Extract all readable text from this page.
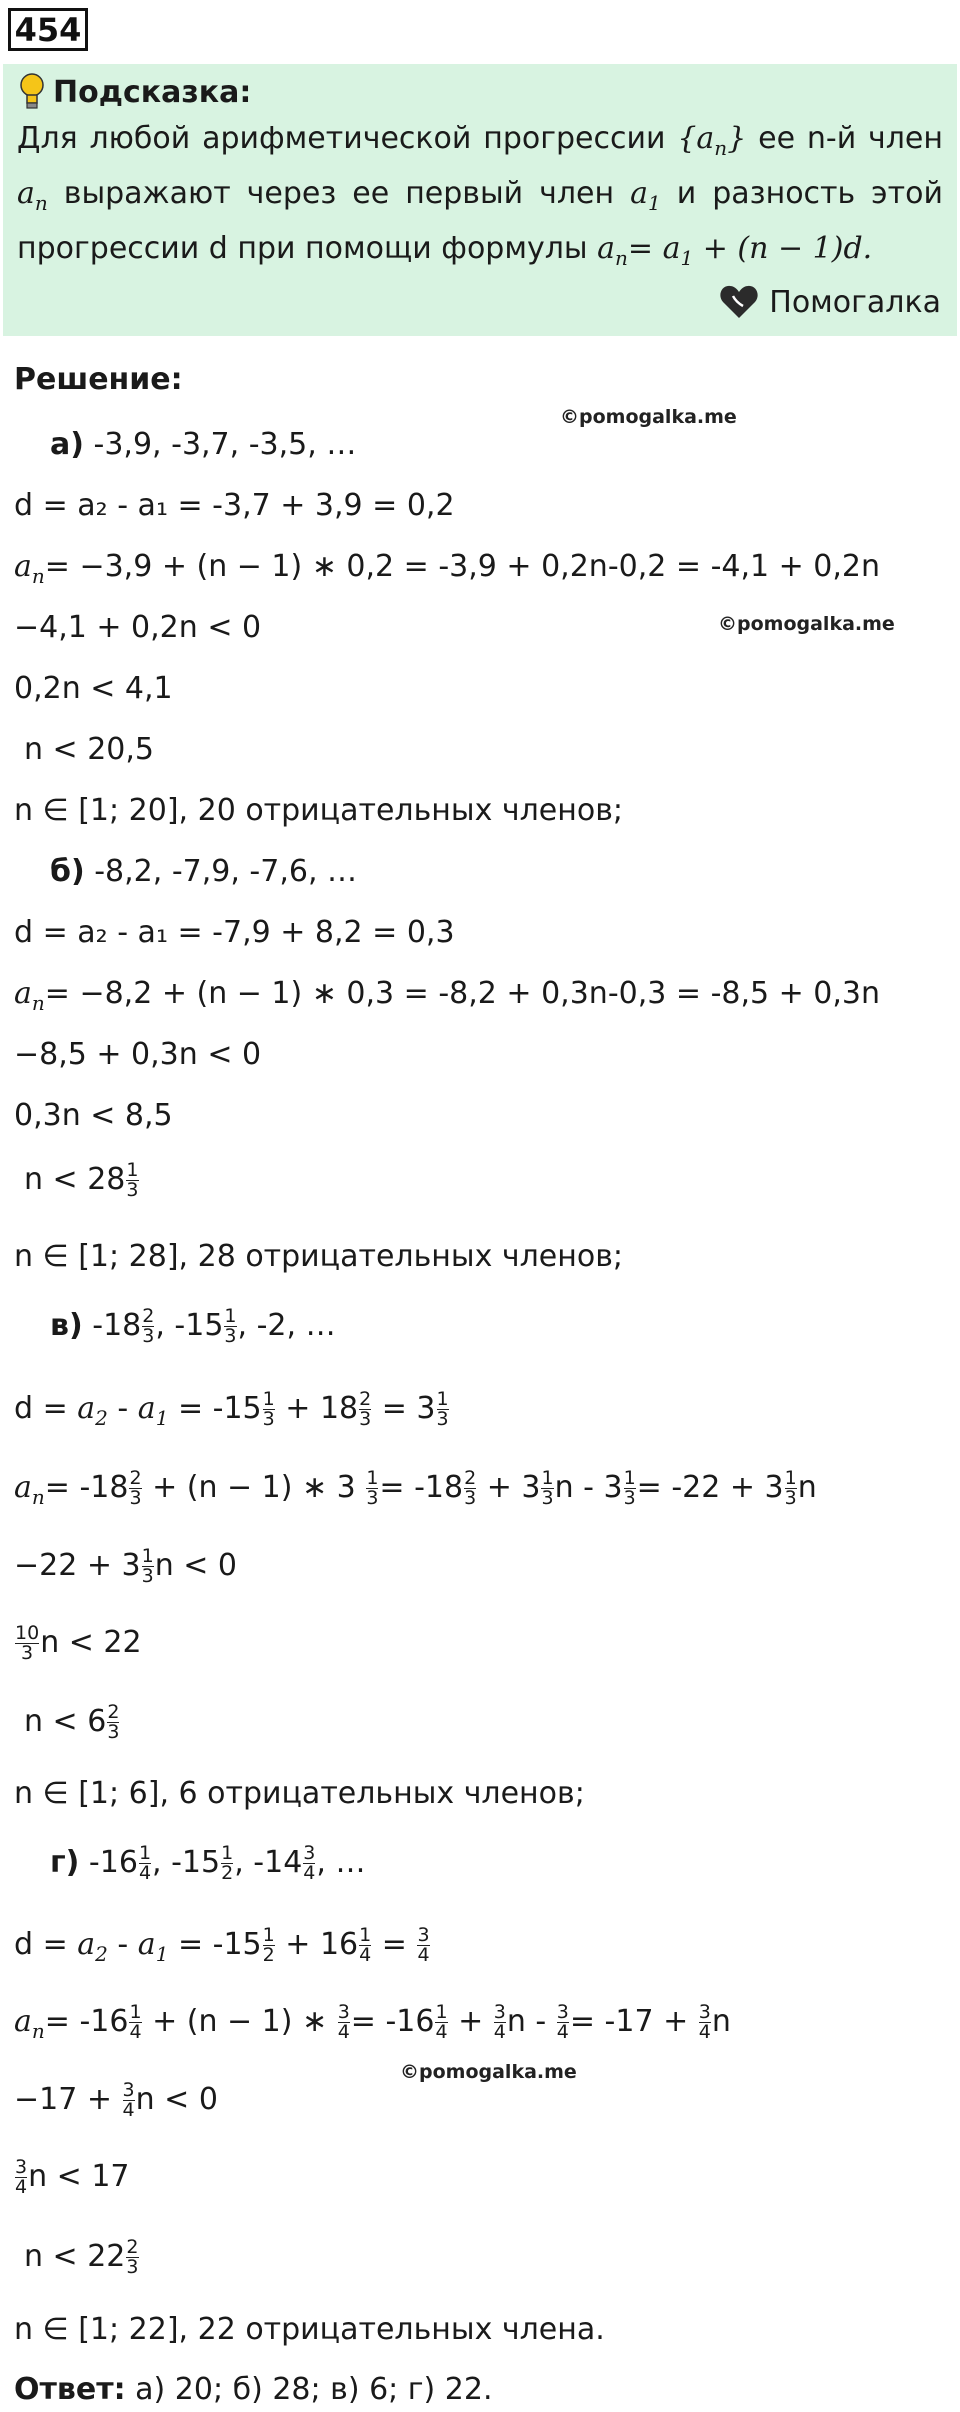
454
Подсказка:
Для любой арифметической прогрессии $\{a_n\}$ ее n-й член $a_n$ выражают через ее первый член $a_1$ и разность этой прогрессии d при помощи формулы $a_n= a_1 + (n - 1)d$.
Помогалка
©pomogalka.me
©pomogalka.me
©pomogalka.me
Решение:
а) -3,9, -3,7, -3,5, …
d = a₂ - a₁ = -3,7 + 3,9 = 0,2
$a_n= -3,9 + (n - 1)$ ∗ 0,2 = -3,9 + 0,2n-0,2 = -4,1 + 0,2n
−4,1 + 0,2n < 0
0,2n < 4,1
n < 20,5
n ∈ [1; 20], 20 отрицательных членов;
б) -8,2, -7,9, -7,6, …
d = a₂ - a₁ = -7,9 + 8,2 = 0,3
$a_n= -8,2 + (n - 1)$ ∗ 0,3 = -8,2 + 0,3n-0,3 = -8,5 + 0,3n
−8,5 + 0,3n < 0
0,3n < 8,5
$n < 28 \frac{1}{3}$
n ∈ [1; 28], 28 отрицательных членов;
в) $-18 \frac{2}{3}$ , $-15 \frac{1}{3}$ , -2, …
$d = a_2 - a_1 = -15 \frac{1}{3} + 18 \frac{2}{3} = 3 \frac{1}{3}$
$a_n= -18 \frac{2}{3} + (n - 1)$ ∗ $3 \frac{1}{3} = -18 \frac{2}{3} + 3 \frac{1}{3}$ $n - 3 \frac{1}{3} = -22 + 3 \frac{1}{3}$ n
$-22 + 3 \frac{1}{3}$ n < 0
$\frac{10}{3}$ n < 22
$n < 6 \frac{2}{3}$
n ∈ [1; 6], 6 отрицательных членов;
г) $-16 \frac{1}{4}$ , $-15 \frac{1}{2}$ , $-14 \frac{3}{4}$ , …
$d = a_2 - a_1 = -15 \frac{1}{2} + 16 \frac{1}{4} = \frac{3}{4}$
$a_n= -16 \frac{1}{4} + (n - 1)$ ∗ $\frac{3}{4} = -16 \frac{1}{4} + \frac{3}{4}$ $n - \frac{3}{4} = -17 + \frac{3}{4}$ n
$-17 + \frac{3}{4}$ n < 0
$\frac{3}{4}$ n < 17
$n < 22 \frac{2}{3}$
n ∈ [1; 22], 22 отрицательных члена.
Ответ: а) 20; б) 28; в) 6; г) 22.
